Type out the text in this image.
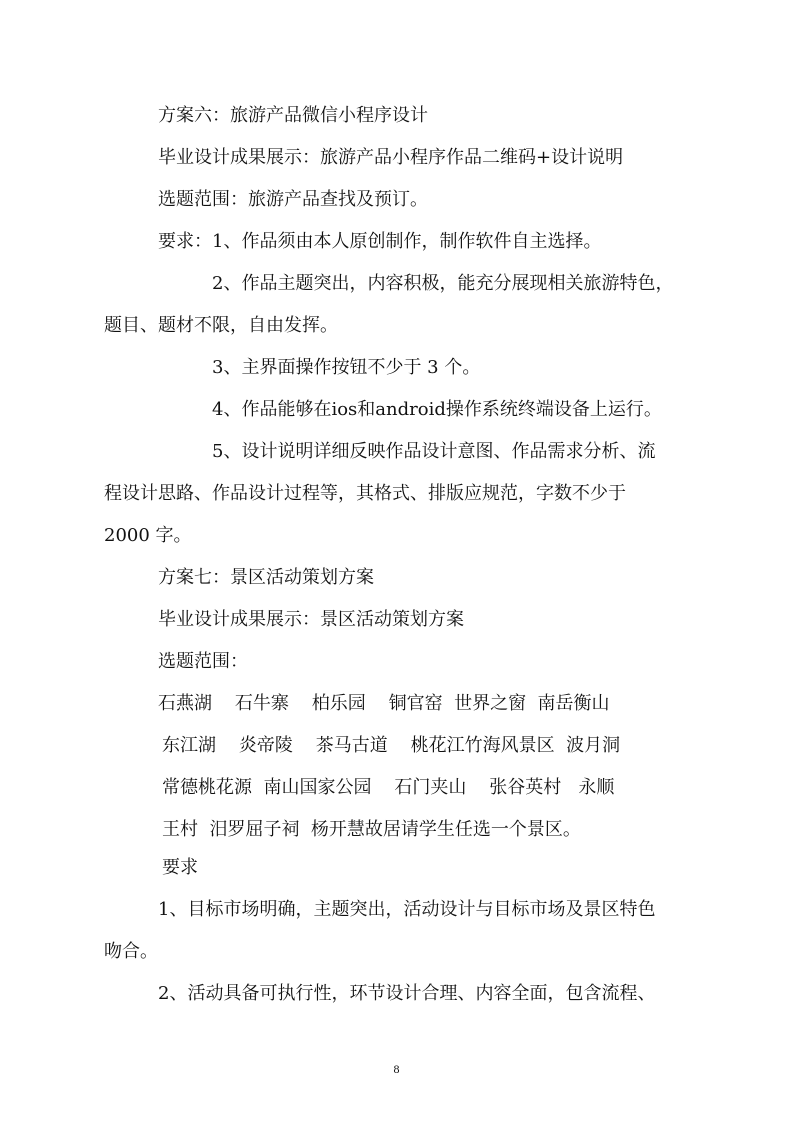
方案六：旅游产品微信小程序设计
毕业设计成果展示：旅游产品小程序作品二维码+设计说明
选题范围：旅游产品查找及预订。
要求：1、作品须由本人原创制作，制作软件自主选择。
2、作品主题突出，内容积极，能充分展现相关旅游特色，
题目、题材不限，自由发挥。
3、主界面操作按钮不少于 3 个。
4、作品能够在ios和android操作系统终端设备上运行。
5、设计说明详细反映作品设计意图、作品需求分析、流
程设计思路、作品设计过程等，其格式、排版应规范，字数不少于
2000 字。
方案七：景区活动策划方案
毕业设计成果展示：景区活动策划方案
选题范围：
石燕湖    石牛寨    柏乐园    铜官窑  世界之窗  南岳衡山
东江湖    炎帝陵    茶马古道    桃花江竹海风景区  波月洞
常德桃花源  南山国家公园    石门夹山    张谷英村   永顺
王村  汨罗屈子祠  杨开慧故居请学生任选一个景区。
要求
1、目标市场明确，主题突出，活动设计与目标市场及景区特色
吻合。
2、活动具备可执行性，环节设计合理、内容全面，包含流程、
8
